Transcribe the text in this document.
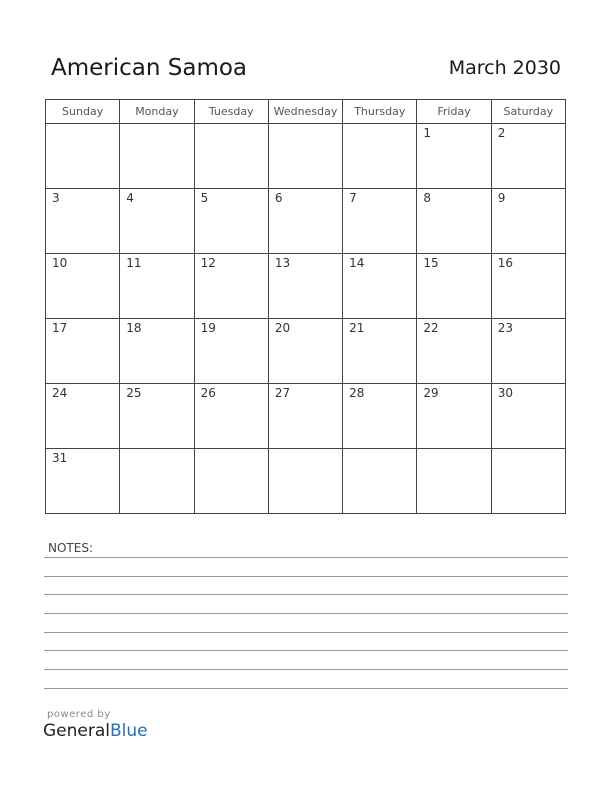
American Samoa	March 2030
Sunday	Monday	Tuesday	Wednesday	Thursday	Friday	Saturday

					1	2

3	4	5	6	7	8	9

10	11	12	13	14	15	16

17	18	19	20	21	22	23

24	25	26	27	28	29	30

31						

NOTES:
powered by
GeneralBlue
